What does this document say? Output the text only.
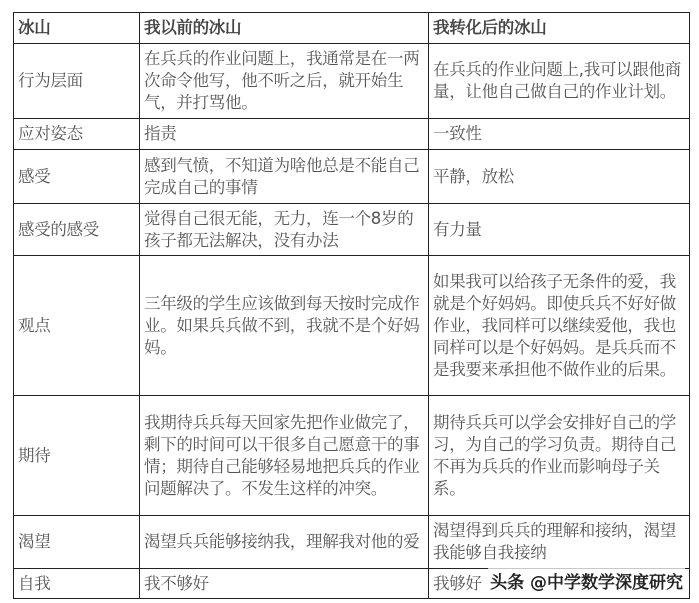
冰山	我以前的冰山	我转化后的冰山
行为层面	在兵兵的作业问题上，我通常是在一两次命令他写，他不听之后，就开始生气，并打骂他。	在兵兵的作业问题上,我可以跟他商量，让他自己做自己的作业计划。
应对姿态	指责	一致性
感受	感到气愤，不知道为啥他总是不能自己完成自己的事情	平静，放松
感受的感受	觉得自己很无能，无力，连一个8岁的孩子都无法解决，没有办法	有力量
观点	三年级的学生应该做到每天按时完成作业。如果兵兵做不到，我就不是个好妈妈。	如果我可以给孩子无条件的爱，我就是个好妈妈。即使兵兵不好好做作业，我同样可以继续爱他，我也同样可以是个好妈妈。是兵兵而不是我要来承担他不做作业的后果。
期待	我期待兵兵每天回家先把作业做完了，剩下的时间可以干很多自己愿意干的事情；期待自己能够轻易地把兵兵的作业问题解决了。不发生这样的冲突。	期待兵兵可以学会安排好自己的学习，为自己的学习负责。期待自己不再为兵兵的作业而影响母子关系。
渴望	渴望兵兵能够接纳我，理解我对他的爱	渴望得到兵兵的理解和接纳，渴望我能够自我接纳
自我	我不够好	我够好 头条 @中学数学深度研究
